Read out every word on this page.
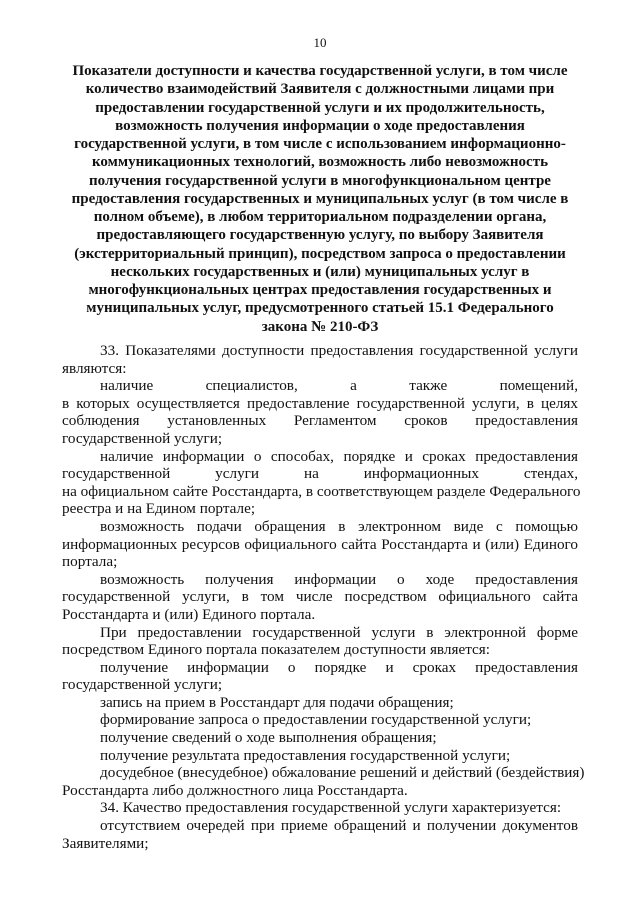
10
Показатели доступности и качества государственной услуги, в том числе
количество взаимодействий Заявителя с должностными лицами при
предоставлении государственной услуги и их продолжительность,
возможность получения информации о ходе предоставления
государственной услуги, в том числе с использованием информационно-
коммуникационных технологий, возможность либо невозможность
получения государственной услуги в многофункциональном центре
предоставления государственных и муниципальных услуг (в том числе в
полном объеме), в любом территориальном подразделении органа,
предоставляющего государственную услугу, по выбору Заявителя
(экстерриториальный принцип), посредством запроса о предоставлении
нескольких государственных и (или) муниципальных услуг в
многофункциональных центрах предоставления государственных и
муниципальных услуг, предусмотренного статьей 15.1 Федерального
закона № 210-ФЗ
33. Показателями доступности предоставления государственной услуги
являются:
наличие специалистов, а также помещений,
в которых осуществляется предоставление государственной услуги, в целях
соблюдения установленных Регламентом сроков предоставления
государственной услуги;
наличие информации о способах, порядке и сроках предоставления
государственной услуги на информационных стендах,
на официальном сайте Росстандарта, в соответствующем разделе Федерального
реестра и на Едином портале;
возможность подачи обращения в электронном виде с помощью
информационных ресурсов официального сайта Росстандарта и (или) Единого
портала;
возможность получения информации о ходе предоставления
государственной услуги, в том числе посредством официального сайта
Росстандарта и (или) Единого портала.
При предоставлении государственной услуги в электронной форме
посредством Единого портала показателем доступности является:
получение информации о порядке и сроках предоставления
государственной услуги;
запись на прием в Росстандарт для подачи обращения;
формирование запроса о предоставлении государственной услуги;
получение сведений о ходе выполнения обращения;
получение результата предоставления государственной услуги;
досудебное (внесудебное) обжалование решений и действий (бездействия)
Росстандарта либо должностного лица Росстандарта.
34. Качество предоставления государственной услуги характеризуется:
отсутствием очередей при приеме обращений и получении документов
Заявителями;
